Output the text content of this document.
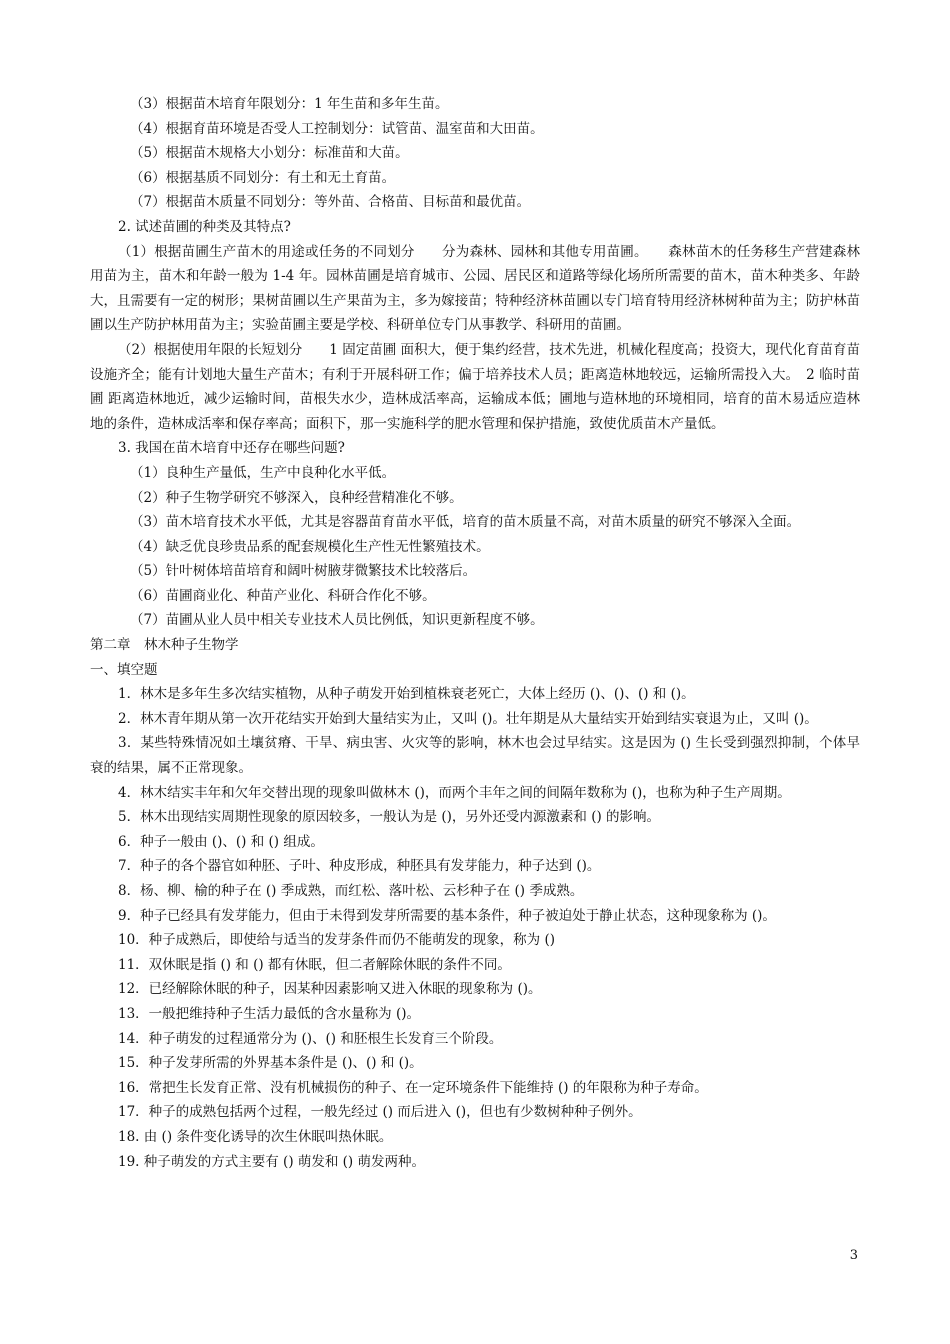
（3）根据苗木培育年限划分：1 年生苗和多年生苗。

（4）根据育苗环境是否受人工控制划分：试管苗、温室苗和大田苗。

（5）根据苗木规格大小划分：标准苗和大苗。

（6）根据基质不同划分：有土和无土育苗。

（7）根据苗木质量不同划分：等外苗、合格苗、目标苗和最优苗。

2. 试述苗圃的种类及其特点?

（1）根据苗圃生产苗木的用途或任务的不同划分　　分为森林、园林和其他专用苗圃。　　森林苗木的任务移生产营建森林用苗为主，苗木和年龄一般为 1-4 年。园林苗圃是培育城市、公园、居民区和道路等绿化场所所需要的苗木，苗木种类多、年龄大，且需要有一定的树形；果树苗圃以生产果苗为主，多为嫁接苗；特种经济林苗圃以专门培育特用经济林树种苗为主；防护林苗圃以生产防护林用苗为主；实验苗圃主要是学校、科研单位专门从事教学、科研用的苗圃。

（2）根据使用年限的长短划分　　1 固定苗圃 面积大，便于集约经营，技术先进，机械化程度高；投资大，现代化育苗育苗设施齐全；能有计划地大量生产苗木；有利于开展科研工作；偏于培养技术人员；距离造林地较远，运输所需投入大。　2 临时苗圃 距离造林地近，减少运输时间，苗根失水少，造林成活率高，运输成本低；圃地与造林地的环境相同，培育的苗木易适应造林地的条件，造林成活率和保存率高；面积下，那一实施科学的肥水管理和保护措施，致使优质苗木产量低。

3. 我国在苗木培育中还存在哪些问题?

（1）良种生产量低，生产中良种化水平低。

（2）种子生物学研究不够深入，良种经营精准化不够。

（3）苗木培育技术水平低，尤其是容器苗育苗水平低，培育的苗木质量不高，对苗木质量的研究不够深入全面。

（4）缺乏优良珍贵品系的配套规模化生产性无性繁殖技术。

（5）针叶树体培苗培育和阔叶树腋芽微繁技术比较落后。

（6）苗圃商业化、种苗产业化、科研合作化不够。

（7）苗圃从业人员中相关专业技术人员比例低，知识更新程度不够。

第二章　林木种子生物学

一、填空题

1．林木是多年生多次结实植物，从种子萌发开始到植株衰老死亡，大体上经历 ()、()、() 和 ()。

2．林木青年期从第一次开花结实开始到大量结实为止，又叫 ()。壮年期是从大量结实开始到结实衰退为止，又叫 ()。

3．某些特殊情况如土壤贫瘠、干旱、病虫害、火灾等的影响，林木也会过早结实。这是因为 () 生长受到强烈抑制，个体早衰的结果，属不正常现象。

4．林木结实丰年和欠年交替出现的现象叫做林木 ()，而两个丰年之间的间隔年数称为 ()，也称为种子生产周期。

5．林木出现结实周期性现象的原因较多，一般认为是 ()，另外还受内源激素和 () 的影响。

6．种子一般由 ()、() 和 () 组成。

7．种子的各个器官如种胚、子叶、种皮形成，种胚具有发芽能力，种子达到 ()。

8．杨、柳、榆的种子在 () 季成熟，而红松、落叶松、云杉种子在 () 季成熟。

9．种子已经具有发芽能力，但由于未得到发芽所需要的基本条件，种子被迫处于静止状态，这种现象称为 ()。

10．种子成熟后，即使给与适当的发芽条件而仍不能萌发的现象，称为 ()

11．双休眠是指 () 和 () 都有休眠，但二者解除休眠的条件不同。

12．已经解除休眠的种子，因某种因素影响又进入休眠的现象称为 ()。

13．一般把维持种子生活力最低的含水量称为 ()。

14．种子萌发的过程通常分为 ()、() 和胚根生长发育三个阶段。

15．种子发芽所需的外界基本条件是 ()、() 和 ()。

16．常把生长发育正常、没有机械损伤的种子、在一定环境条件下能维持 () 的年限称为种子寿命。

17．种子的成熟包括两个过程，一般先经过 () 而后进入 ()，但也有少数树种种子例外。

18. 由 () 条件变化诱导的次生休眠叫热休眠。

19. 种子萌发的方式主要有 () 萌发和 () 萌发两种。

3
